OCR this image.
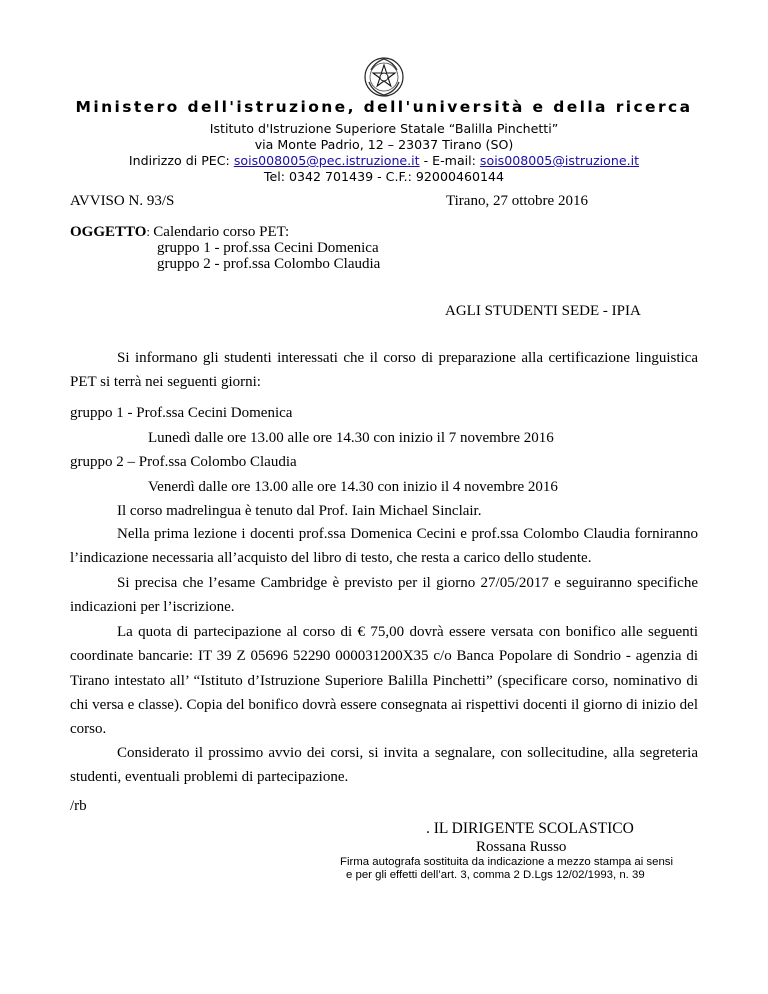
Ministero dell'istruzione, dell'università e della ricerca
Istituto d'Istruzione Superiore Statale “Balilla Pinchetti”
via Monte Padrio, 12 – 23037 Tirano (SO)
Indirizzo di PEC: sois008005@pec.istruzione.it - E-mail: sois008005@istruzione.it
Tel: 0342 701439 - C.F.: 92000460144
AVVISO N. 93/S	Tirano, 27 ottobre 2016
OGGETTO: Calendario corso PET:
gruppo 1 - prof.ssa Cecini Domenica
gruppo 2 - prof.ssa Colombo Claudia
AGLI STUDENTI SEDE - IPIA

Si informano gli studenti interessati che il corso di preparazione alla certificazione linguistica PET si terrà nei seguenti giorni:

gruppo 1 - Prof.ssa Cecini Domenica
Lunedì dalle ore 13.00 alle ore 14.30 con inizio il 7 novembre 2016
gruppo 2 – Prof.ssa Colombo Claudia
Venerdì dalle ore 13.00 alle ore 14.30 con inizio il 4 novembre 2016
Il corso madrelingua è tenuto dal Prof. Iain Michael Sinclair.

Nella prima lezione i docenti prof.ssa Domenica Cecini e prof.ssa Colombo Claudia forniranno l’indicazione necessaria all’acquisto del libro di testo, che resta a carico dello studente.

Si precisa che l’esame Cambridge è previsto per il giorno 27/05/2017 e seguiranno specifiche indicazioni per l’iscrizione.

La quota di partecipazione al corso di € 75,00 dovrà essere versata con bonifico alle seguenti coordinate bancarie: IT 39 Z 05696 52290 000031200X35 c/o Banca Popolare di Sondrio - agenzia di Tirano intestato all’ “Istituto d’Istruzione Superiore Balilla Pinchetti” (specificare corso, nominativo di chi versa e classe). Copia del bonifico dovrà essere consegnata ai rispettivi docenti il giorno di inizio del corso.

Considerato il prossimo avvio dei corsi, si invita a segnalare, con sollecitudine, alla segreteria studenti, eventuali problemi di partecipazione.

/rb
. IL DIRIGENTE SCOLASTICO
Rossana Russo
Firma autografa sostituita da indicazione a mezzo stampa ai sensi
e per gli effetti dell’art. 3, comma 2 D.Lgs 12/02/1993, n. 39
